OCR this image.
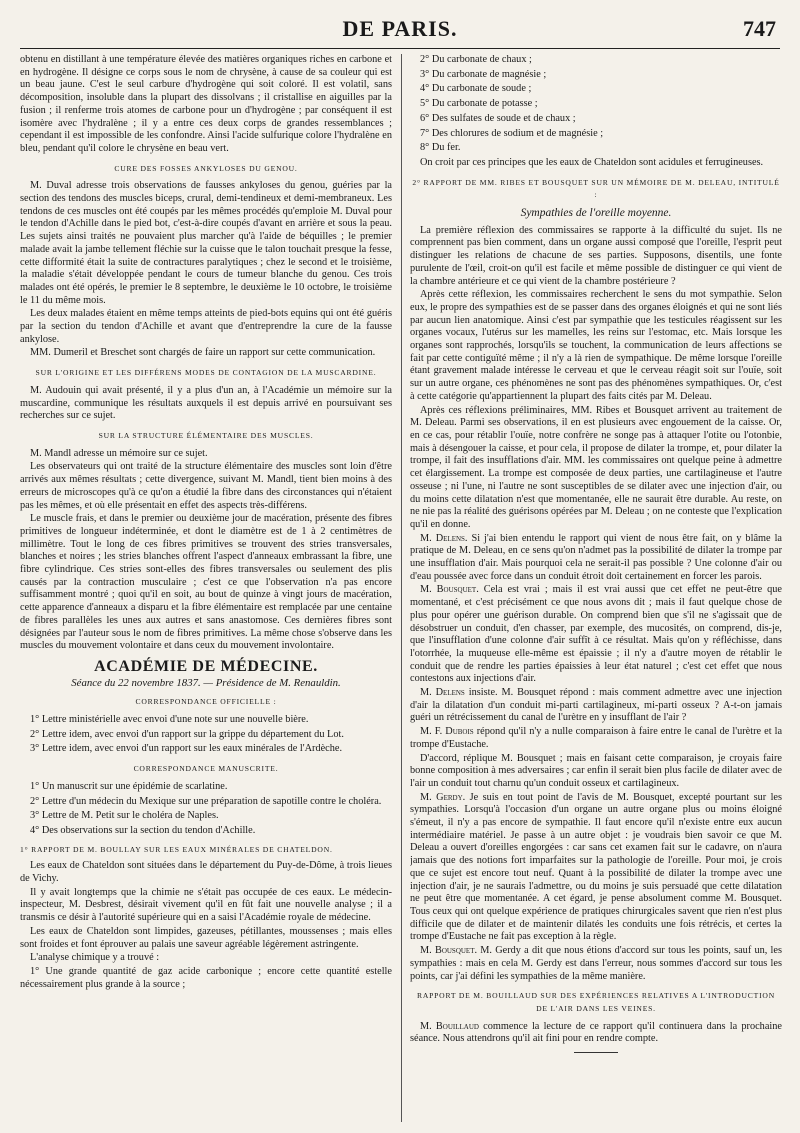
DE PARIS.	747

obtenu en distillant à une température élevée des matières organiques riches en carbone et en hydrogène. Il désigne ce corps sous le nom de chrysène, à cause de sa couleur qui est un beau jaune. C'est le seul carbure d'hydrogène qui soit coloré. Il est volatil, sans décomposition, insoluble dans la plupart des dissolvans ; il cristallise en aiguilles par la fusion ; il renferme trois atomes de carbone pour un d'hydrogène ; par conséquent il est isomère avec l'hydralène ; il y a entre ces deux corps de grandes ressemblances ; cependant il est impossible de les confondre. Ainsi l'acide sulfurique colore l'hydralène en bleu, pendant qu'il colore le chrysène en beau vert.

CURE DES FOSSES ANKYLOSES DU GENOU.

M. Duval adresse trois observations de fausses ankyloses du genou, guéries par la section des tendons des muscles biceps, crural, demi-tendineux et demi-membraneux. Les tendons de ces muscles ont été coupés par les mêmes procédés qu'emploie M. Duval pour le tendon d'Achille dans le pied bot, c'est-à-dire coupés d'avant en arrière et sous la peau. Les sujets ainsi traités ne pouvaient plus marcher qu'à l'aide de béquilles ; le premier malade avait la jambe tellement fléchie sur la cuisse que le talon touchait presque la fesse, cette difformité était la suite de contractures paralytiques ; chez le second et le troisième, la maladie s'était développée pendant le cours de tumeur blanche du genou. Ces trois malades ont été opérés, le premier le 8 septembre, le deuxième le 10 octobre, le troisième le 11 du même mois.

Les deux malades étaient en même temps atteints de pied-bots equins qui ont été guéris par la section du tendon d'Achille et avant que d'entreprendre la cure de la fausse ankylose.

MM. Dumeril et Breschet sont chargés de faire un rapport sur cette communication.

SUR L'ORIGINE ET LES DIFFÉRENS MODES DE CONTAGION DE LA MUSCARDINE.

M. Audouin qui avait présenté, il y a plus d'un an, à l'Académie un mémoire sur la muscardine, communique les résultats auxquels il est depuis arrivé en poursuivant ses recherches sur ce sujet.

SUR LA STRUCTURE ÉLÉMENTAIRE DES MUSCLES.

M. Mandl adresse un mémoire sur ce sujet.

Les observateurs qui ont traité de la structure élémentaire des muscles sont loin d'être arrivés aux mêmes résultats ; cette divergence, suivant M. Mandl, tient bien moins à des erreurs de microscopes qu'à ce qu'on a étudié la fibre dans des circonstances qui n'étaient pas les mêmes, et où elle présentait en effet des aspects très-différens.

Le muscle frais, et dans le premier ou deuxième jour de macération, présente des fibres primitives de longueur indéterminée, et dont le diamètre est de 1 à 2 centimètres de millimètre. Tout le long de ces fibres primitives se trouvent des stries transversales, blanches et noires ; les stries blanches offrent l'aspect d'anneaux embrassant la fibre, une fibre cylindrique. Ces stries sont-elles des fibres transversales ou seulement des plis causés par la contraction musculaire ; c'est ce que l'observation n'a pas encore suffisamment montré ; quoi qu'il en soit, au bout de quinze à vingt jours de macération, cette apparence d'anneaux a disparu et la fibre élémentaire est remplacée par une centaine de fibres parallèles les unes aux autres et sans anastomose. Ces dernières fibres sont désignées par l'auteur sous le nom de fibres primitives. La même chose s'observe dans les muscles du mouvement volontaire et dans ceux du mouvement involontaire.

ACADÉMIE DE MÉDECINE.
Séance du 22 novembre 1837. — Présidence de M. Renauldin.
CORRESPONDANCE OFFICIELLE :

1° Lettre ministérielle avec envoi d'une note sur une nouvelle bière.

2° Lettre idem, avec envoi d'un rapport sur la grippe du département du Lot.

3° Lettre idem, avec envoi d'un rapport sur les eaux minérales de l'Ardèche.

CORRESPONDANCE MANUSCRITE.

1° Un manuscrit sur une épidémie de scarlatine.

2° Lettre d'un médecin du Mexique sur une préparation de sapotille contre le choléra.

3° Lettre de M. Petit sur le choléra de Naples.

4° Des observations sur la section du tendon d'Achille.

1° RAPPORT DE M. BOULLAY SUR LES EAUX MINÉRALES DE CHATELDON.

Les eaux de Chateldon sont situées dans le département du Puy-de-Dôme, à trois lieues de Vichy.

Il y avait longtemps que la chimie ne s'était pas occupée de ces eaux. Le médecin-inspecteur, M. Desbrest, désirait vivement qu'il en fût fait une nouvelle analyse ; il a transmis ce désir à l'autorité supérieure qui en a saisi l'Académie royale de médecine.

Les eaux de Chateldon sont limpides, gazeuses, pétillantes, moussenses ; mais elles sont froides et font éprouver au palais une saveur agréable légèrement astringente.

L'analyse chimique y a trouvé :

1° Une grande quantité de gaz acide carbonique ; encore cette quantité estelle nécessairement plus grande à la source ;

2° Du carbonate de chaux ;

3° Du carbonate de magnésie ;

4° Du carbonate de soude ;

5° Du carbonate de potasse ;

6° Des sulfates de soude et de chaux ;

7° Des chlorures de sodium et de magnésie ;

8° Du fer.

On croit par ces principes que les eaux de Chateldon sont acidules et ferrugineuses.

2° RAPPORT DE MM. RIBES ET BOUSQUET SUR UN MÉMOIRE DE M. DELEAU, INTITULÉ :
Sympathies de l'oreille moyenne.

La première réflexion des commissaires se rapporte à la difficulté du sujet. Ils ne comprennent pas bien comment, dans un organe aussi composé que l'oreille, l'esprit peut distinguer les relations de chacune de ses parties. Supposons, disentils, une fonte purulente de l'œil, croit-on qu'il est facile et même possible de distinguer ce qui vient de la chambre antérieure et ce qui vient de la chambre postérieure ?

Après cette réflexion, les commissaires recherchent le sens du mot sympathie. Selon eux, le propre des sympathies est de se passer dans des organes éloignés et qui ne sont liés par aucun lien anatomique. Ainsi c'est par sympathie que les testicules réagissent sur les organes vocaux, l'utérus sur les mamelles, les reins sur l'estomac, etc. Mais lorsque les organes sont rapprochés, lorsqu'ils se touchent, la communication de leurs affections se fait par cette contiguïté même ; il n'y a là rien de sympathique. De même lorsque l'oreille étant gravement malade intéresse le cerveau et que le cerveau réagit soit sur l'ouïe, soit sur un autre organe, ces phénomènes ne sont pas des phénomènes sympathiques. Or, c'est à cette catégorie qu'appartiennent la plupart des faits cités par M. Deleau.

Après ces réflexions préliminaires, MM. Ribes et Bousquet arrivent au traitement de M. Deleau. Parmi ses observations, il en est plusieurs avec engouement de la caisse. Or, en ce cas, pour rétablir l'ouïe, notre confrère ne songe pas à attaquer l'otite ou l'otonbie, mais à désengouer la caisse, et pour cela, il propose de dilater la trompe, et, pour dilater la trompe, il fait des insufflations d'air. MM. les commissaires ont quelque peine à admettre cet élargissement. La trompe est composée de deux parties, une cartilagineuse et l'autre osseuse ; ni l'une, ni l'autre ne sont susceptibles de se dilater avec une injection d'air, ou du moins cette dilatation n'est que momentanée, elle ne saurait être durable. Au reste, on ne nie pas la réalité des guérisons opérées par M. Deleau ; on ne conteste que l'explication qu'il en donne.

M. Delens. Si j'ai bien entendu le rapport qui vient de nous être fait, on y blâme la pratique de M. Deleau, en ce sens qu'on n'admet pas la possibilité de dilater la trompe par une insufflation d'air. Mais pourquoi cela ne serait-il pas possible ? Une colonne d'air ou d'eau poussée avec force dans un conduit étroit doit certainement en forcer les parois.

M. Bousquet. Cela est vrai ; mais il est vrai aussi que cet effet ne peut-être que momentané, et c'est précisément ce que nous avons dit ; mais il faut quelque chose de plus pour opérer une guérison durable. On comprend bien que s'il ne s'agissait que de désobstruer un conduit, d'en chasser, par exemple, des mucosités, on comprend, dis-je, que l'insufflation d'une colonne d'air suffît à ce résultat. Mais qu'on y réfléchisse, dans l'otorrhée, la muqueuse elle-même est épaissie ; il n'y a d'autre moyen de rétablir le conduit que de rendre les parties épaissies à leur état naturel ; c'est cet effet que nous contestons aux injections d'air.

M. Delens insiste. M. Bousquet répond : mais comment admettre avec une injection d'air la dilatation d'un conduit mi-parti cartilagineux, mi-parti osseux ? A-t-on jamais guéri un rétrécissement du canal de l'urètre en y insufflant de l'air ?

M. F. Dubois répond qu'il n'y a nulle comparaison à faire entre le canal de l'urètre et la trompe d'Eustache.

D'accord, réplique M. Bousquet ; mais en faisant cette comparaison, je croyais faire bonne composition à mes adversaires ; car enfin il serait bien plus facile de dilater avec de l'air un conduit tout charnu qu'un conduit osseux et cartilagineux.

M. Gerdy. Je suis en tout point de l'avis de M. Bousquet, excepté pourtant sur les sympathies. Lorsqu'à l'occasion d'un organe un autre organe plus ou moins éloigné s'émeut, il n'y a pas encore de sympathie. Il faut encore qu'il n'existe entre eux aucun intermédiaire matériel. Je passe à un autre objet : je voudrais bien savoir ce que M. Deleau a ouvert d'oreilles engorgées : car sans cet examen fait sur le cadavre, on n'aura jamais que des notions fort imparfaites sur la pathologie de l'oreille. Pour moi, je crois que ce sujet est encore tout neuf. Quant à la possibilité de dilater la trompe avec une injection d'air, je ne saurais l'admettre, ou du moins je suis persuadé que cette dilatation ne peut être que momentanée. A cet égard, je pense absolument comme M. Bousquet. Tous ceux qui ont quelque expérience de pratiques chirurgicales savent que rien n'est plus difficile que de dilater et de maintenir dilatés les conduits une fois rétrécis, et certes la trompe d'Eustache ne fait pas exception à la règle.

M. Bousquet. M. Gerdy a dit que nous étions d'accord sur tous les points, sauf un, les sympathies : mais en cela M. Gerdy est dans l'erreur, nous sommes d'accord sur tous les points, car j'ai défini les sympathies de la même manière.

RAPPORT DE M. BOUILLAUD SUR DES EXPÉRIENCES RELATIVES A L'INTRODUCTION DE L'AIR DANS LES VEINES.

M. Bouillaud commence la lecture de ce rapport qu'il continuera dans la prochaine séance. Nous attendrons qu'il ait fini pour en rendre compte.
